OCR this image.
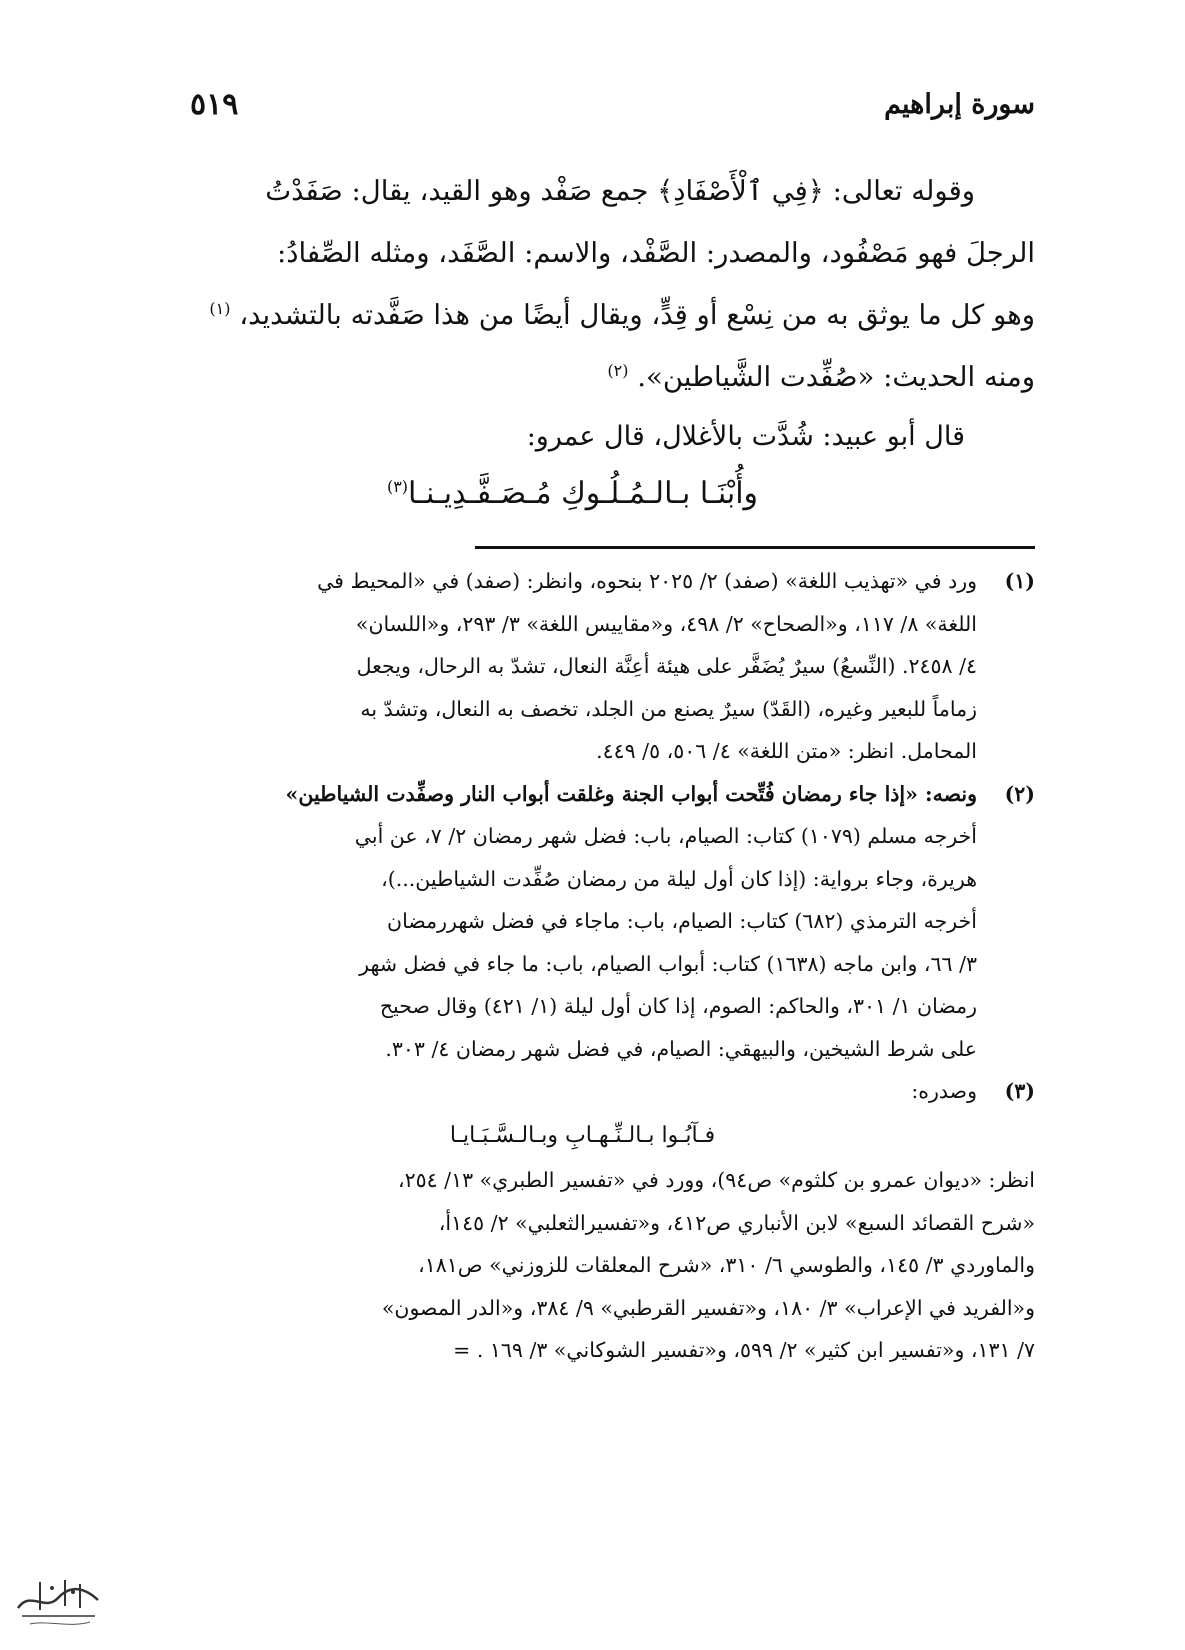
سورة إبراهيم
٥١٩

وقوله تعالى: ﴿فِي ٱلْأَصْفَادِ﴾ جمع صَفْد وهو القيد، يقال: صَفَدْتُ

الرجلَ فهو مَصْفُود، والمصدر: الصَّفْد، والاسم: الصَّفَد، ومثله الصِّفادُ:

وهو كل ما يوثق به من نِسْع أو قِدٍّ، ويقال أيضًا من هذا صَفَّدته بالتشديد، $^{(١)}$

ومنه الحديث: «صُفِّدت الشَّياطين». $^{(٢)}$

قال أبو عبيد: شُدَّت بالأغلال، قال عمرو:
وأُبْنَـا بـالـمُـلُـوكِ مُـصَـفَّـدِيـنـا$^{(٣)}$
(١)
ورد في «تهذيب اللغة» (صفد) ٢/ ٢٠٢٥ بنحوه، وانظر: (صفد) في «المحيط في
اللغة» ٨/ ١١٧، و«الصحاح» ٢/ ٤٩٨، و«مقاييس اللغة» ٣/ ٢٩٣، و«اللسان»
٤/ ٢٤٥٨. (النِّسعُ) سيرٌ يُضَفَّر على هيئة أعِنَّة النعال، تشدّ به الرحال، ويجعل
زماماً للبعير وغيره، (القَدّ) سيرٌ يصنع من الجلد، تخصف به النعال، وتشدّ به
المحامل. انظر: «متن اللغة» ٤/ ٥٠٦، ٥/ ٤٤٩.
(٢)
ونصه: «إذا جاء رمضان فُتِّحت أبواب الجنة وغلقت أبواب النار وصفِّدت الشياطين»
أخرجه مسلم (١٠٧٩) كتاب: الصيام، باب: فضل شهر رمضان ٢/ ٧، عن أبي
هريرة، وجاء برواية: (إذا كان أول ليلة من رمضان صُفِّدت الشياطين...)،
أخرجه الترمذي (٦٨٢) كتاب: الصيام، باب: ماجاء في فضل شهررمضان
٣/ ٦٦، وابن ماجه (١٦٣٨) كتاب: أبواب الصيام، باب: ما جاء في فضل شهر
رمضان ١/ ٣٠١، والحاكم: الصوم، إذا كان أول ليلة (١/ ٤٢١) وقال صحيح
على شرط الشيخين، والبيهقي: الصيام، في فضل شهر رمضان ٤/ ٣٠٣.
(٣)
وصدره:
فـآبُـوا بـالـنِّـهـابِ وبـالـسَّـبَـايـا
انظر: «ديوان عمرو بن كلثوم» ص٩٤)، وورد في «تفسير الطبري» ١٣/ ٢٥٤،
«شرح القصائد السبع» لابن الأنباري ص٤١٢، و«تفسيرالثعلبي» ٢/ ١٤٥أ،
والماوردي ٣/ ١٤٥، والطوسي ٦/ ٣١٠، «شرح المعلقات للزوزني» ص١٨١،
و«الفريد في الإعراب» ٣/ ١٨٠، و«تفسير القرطبي» ٩/ ٣٨٤، و«الدر المصون»
٧/ ١٣١، و«تفسير ابن كثير» ٢/ ٥٩٩، و«تفسير الشوكاني» ٣/ ١٦٩ . =
